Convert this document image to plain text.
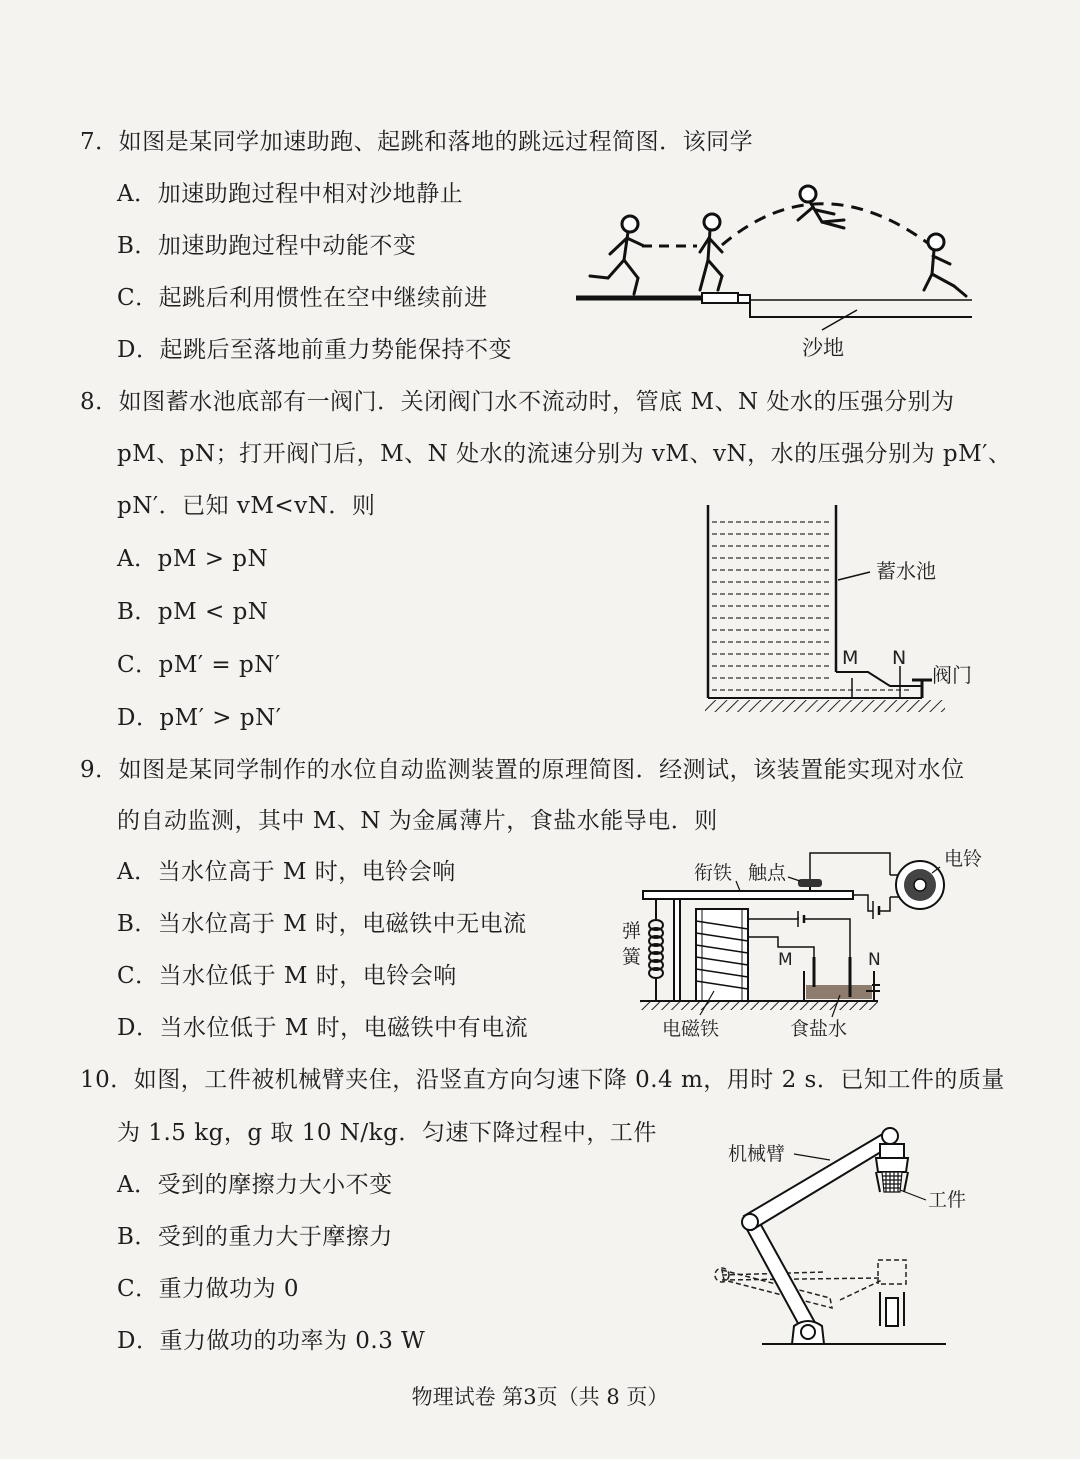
7．如图是某同学加速助跑、起跳和落地的跳远过程简图．该同学
A．加速助跑过程中相对沙地静止
B．加速助跑过程中动能不变
C．起跳后利用惯性在空中继续前进
D．起跳后至落地前重力势能保持不变	沙地
8．如图蓄水池底部有一阀门．关闭阀门水不流动时，管底 M、N 处水的压强分别为
pM、pN；打开阀门后，M、N 处水的流速分别为 vM、vN，水的压强分别为 pM′、
pN′．已知 vM<vN．则
A．pM > pN
B．pM < pN
C．pM′ = pN′
D．pM′ > pN′
M N
蓄水池
阀门
9．如图是某同学制作的水位自动监测装置的原理简图．经测试，该装置能实现对水位
的自动监测，其中 M、N 为金属薄片，食盐水能导电．则
A．当水位高于 M 时，电铃会响
B．当水位高于 M 时，电磁铁中无电流
C．当水位低于 M 时，电铃会响
D．当水位低于 M 时，电磁铁中有电流
衔铁 触点
电铃
弹
簧	M	N
电磁铁	食盐水
10．如图，工件被机械臂夹住，沿竖直方向匀速下降 0.4 m，用时 2 s．已知工件的质量
为 1.5 kg，g 取 10 N/kg．匀速下降过程中，工件
A．受到的摩擦力大小不变
B．受到的重力大于摩擦力
C．重力做功为 0
D．重力做功的功率为 0.3 W
机械臂
工件
物理试卷 第3页（共 8 页）
